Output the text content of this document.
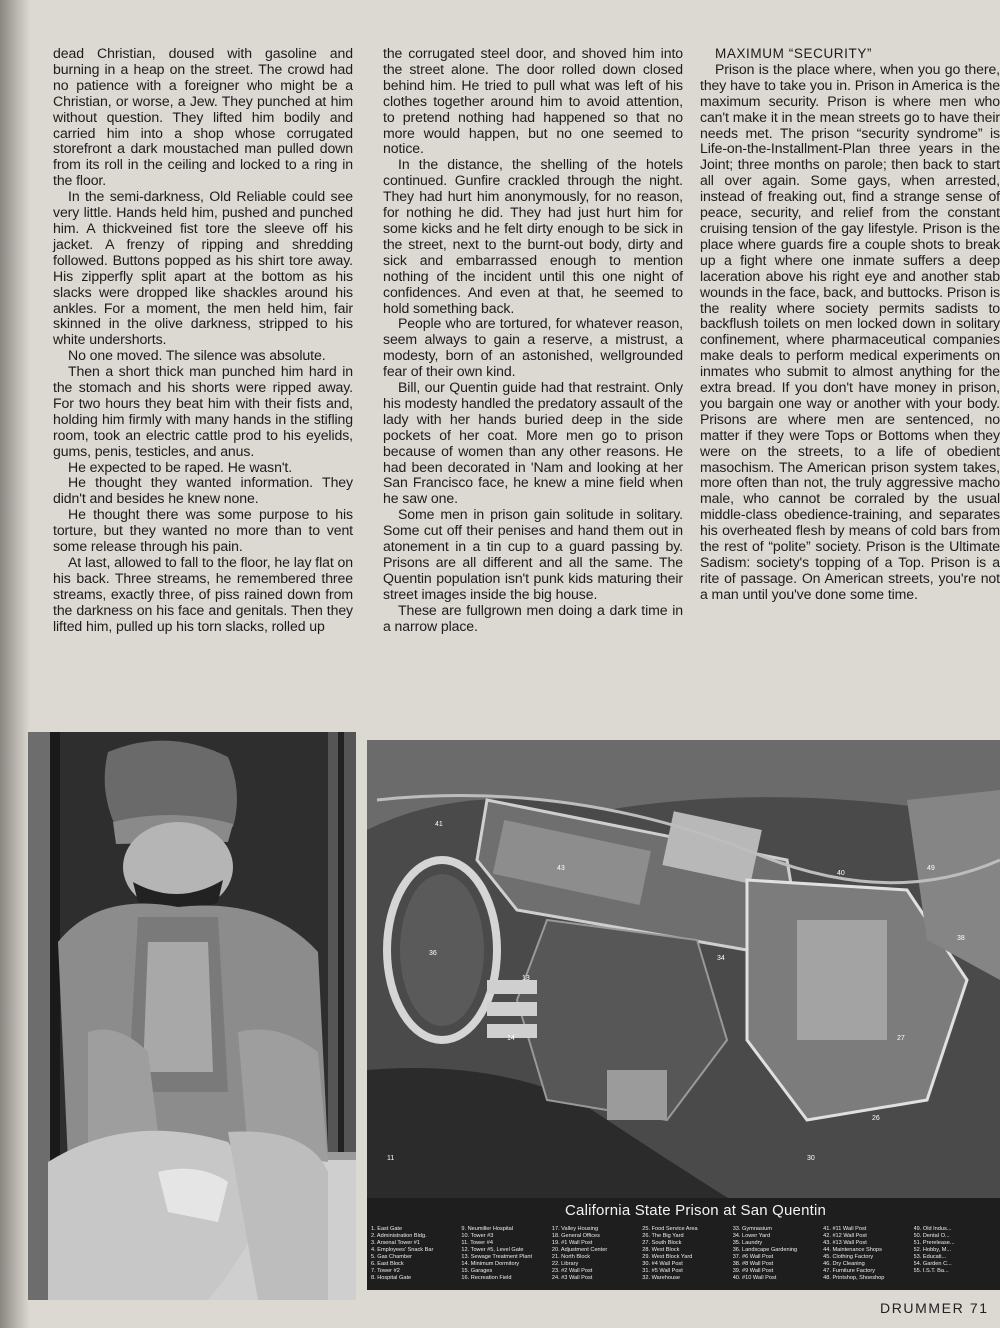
dead Christian, doused with gasoline and burning in a heap on the street. The crowd had no patience with a foreigner who might be a Christian, or worse, a Jew. They punched at him without question. They lifted him bodily and carried him into a shop whose corrugated storefront a dark moustached man pulled down from its roll in the ceiling and locked to a ring in the floor.

In the semi-darkness, Old Reliable could see very little. Hands held him, pushed and punched him. A thickveined fist tore the sleeve off his jacket. A frenzy of ripping and shredding followed. Buttons popped as his shirt tore away. His zipperfly split apart at the bottom as his slacks were dropped like shackles around his ankles. For a moment, the men held him, fair skinned in the olive darkness, stripped to his white undershorts.

No one moved. The silence was absolute.

Then a short thick man punched him hard in the stomach and his shorts were ripped away. For two hours they beat him with their fists and, holding him firmly with many hands in the stifling room, took an electric cattle prod to his eyelids, gums, penis, testicles, and anus.

He expected to be raped. He wasn't.

He thought they wanted information. They didn't and besides he knew none.

He thought there was some purpose to his torture, but they wanted no more than to vent some release through his pain.

At last, allowed to fall to the floor, he lay flat on his back. Three streams, he remembered three streams, exactly three, of piss rained down from the darkness on his face and genitals. Then they lifted him, pulled up his torn slacks, rolled up

the corrugated steel door, and shoved him into the street alone. The door rolled down closed behind him. He tried to pull what was left of his clothes together around him to avoid attention, to pretend nothing had happened so that no more would happen, but no one seemed to notice.

In the distance, the shelling of the hotels continued. Gunfire crackled through the night. They had hurt him anonymously, for no reason, for nothing he did. They had just hurt him for some kicks and he felt dirty enough to be sick in the street, next to the burnt-out body, dirty and sick and embarrassed enough to mention nothing of the incident until this one night of confidences. And even at that, he seemed to hold something back.

People who are tortured, for whatever reason, seem always to gain a reserve, a mistrust, a modesty, born of an astonished, wellgrounded fear of their own kind.

Bill, our Quentin guide had that restraint. Only his modesty handled the predatory assault of the lady with her hands buried deep in the side pockets of her coat. More men go to prison because of women than any other reasons. He had been decorated in 'Nam and looking at her San Francisco face, he knew a mine field when he saw one.

Some men in prison gain solitude in solitary. Some cut off their penises and hand them out in atonement in a tin cup to a guard passing by. Prisons are all different and all the same. The Quentin population isn't punk kids maturing their street images inside the big house.

These are fullgrown men doing a dark time in a narrow place.

MAXIMUM “SECURITY”

Prison is the place where, when you go there, they have to take you in. Prison in America is the maximum security. Prison is where men who can't make it in the mean streets go to have their needs met. The prison “security syndrome” is Life-on-the-Installment-Plan three years in the Joint; three months on parole; then back to start all over again. Some gays, when arrested, instead of freaking out, find a strange sense of peace, security, and relief from the constant cruising tension of the gay lifestyle. Prison is the place where guards fire a couple shots to break up a fight where one inmate suffers a deep laceration above his right eye and another stab wounds in the face, back, and buttocks. Prison is the reality where society permits sadists to backflush toilets on men locked down in solitary confinement, where pharmaceutical companies make deals to perform medical experiments on inmates who submit to almost anything for the extra bread. If you don't have money in prison, you bargain one way or another with your body. Prisons are where men are sentenced, no matter if they were Tops or Bottoms when they were on the streets, to a life of obedient masochism. The American prison system takes, more often than not, the truly aggressive macho male, who cannot be corraled by the usual middle-class obedience-training, and separates his overheated flesh by means of cold bars from the rest of “polite” society. Prison is the Ultimate Sadism: society's topping of a Top. Prison is a rite of passage. On American streets, you're not a man until you've done some time.

41
43
36
13
34
40
27
38
30
26
14
49
11
California State Prison at San Quentin
1. East Gate
2. Administration Bldg.
3. Arsenal Tower #1
4. Employees' Snack Bar
5. Gas Chamber
6. East Block
7. Tower #2
8. Hospital Gate
9. Neumiller Hospital
10. Tower #3
11. Tower #4
12. Tower #5, Level Gate
13. Sewage Treatment Plant
14. Minimum Dormitory
15. Garages
16. Recreation Field
17. Valley Housing
18. General Offices
19. #1 Wall Post
20. Adjustment Center
21. North Block
22. Library
23. #2 Wall Post
24. #3 Wall Post
25. Food Service Area
26. The Big Yard
27. South Block
28. West Block
29. West Block Yard
30. #4 Wall Post
31. #5 Wall Post
32. Warehouse
33. Gymnasium
34. Lower Yard
35. Laundry
36. Landscape Gardening
37. #6 Wall Post
38. #8 Wall Post
39. #9 Wall Post
40. #10 Wall Post
41. #11 Wall Post
42. #12 Wall Post
43. #13 Wall Post
44. Maintenance Shops
45. Clothing Factory
46. Dry Cleaning
47. Furniture Factory
48. Printshop, Shoeshop
49. Old Indus...
50. Dental O...
51. Prerelease...
52. Hobby, M...
53. Educati...
54. Garden C...
55. I.S.T. Ba...
DRUMMER 71
